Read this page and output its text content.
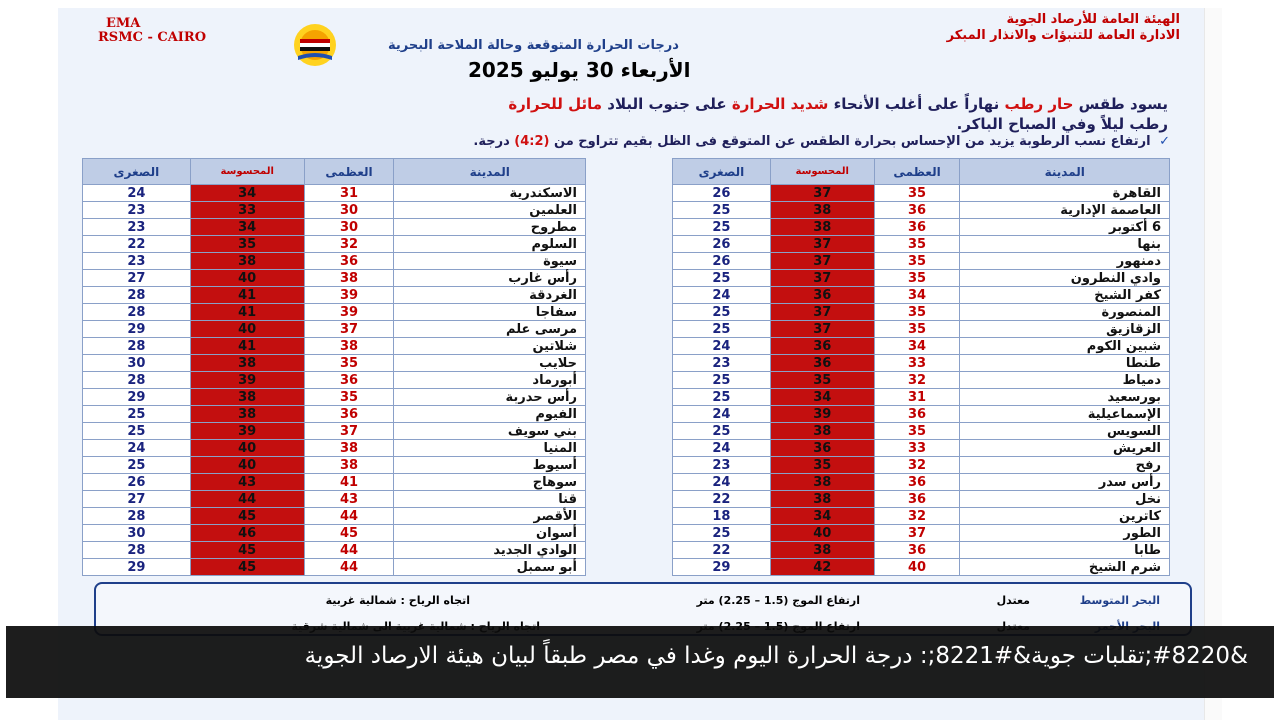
EMA
RSMC - CAIRO
الهيئة العامة للأرصاد الجوية
الادارة العامة للتنبؤات والانذار المبكر
درجات الحرارة المتوقعة وحالة الملاحة البحرية
الأربعاء 30 يوليو 2025
يسود طقس حار رطب نهاراً على أغلب الأنحاء شديد الحرارة على جنوب البلاد مائل للحرارة
رطب ليلاً وفي الصباح الباكر.
✓ ارتفاع نسب الرطوبة يزيد من الإحساس بحرارة الطقس عن المتوقع فى الظل بقيم تتراوح من (4:2) درجة.
المدينة	العظمى	المحسوسة	الصغرى
القاهرة	35	37	26
العاصمة الإدارية	36	38	25
6 أكتوبر	36	38	25
بنها	35	37	26
دمنهور	35	37	26
وادي النطرون	35	37	25
كفر الشيخ	34	36	24
المنصورة	35	37	25
الزقازيق	35	37	25
شبين الكوم	34	36	24
طنطا	33	36	23
دمياط	32	35	25
بورسعيد	31	34	25
الإسماعيلية	36	39	24
السويس	35	38	25
العريش	33	36	24
رفح	32	35	23
رأس سدر	36	38	24
نخل	36	38	22
كاترين	32	34	18
الطور	37	40	25
طابا	36	38	22
شرم الشيخ	40	42	29
المدينة	العظمى	المحسوسة	الصغرى
الاسكندرية	31	34	24
العلمين	30	33	23
مطروح	30	34	23
السلوم	32	35	22
سيوة	36	38	23
رأس غارب	38	40	27
الغردقة	39	41	28
سفاجا	39	41	28
مرسى علم	37	40	29
شلاتين	38	41	28
حلايب	35	38	30
أبورماد	36	39	28
رأس حدربة	35	38	29
الفيوم	36	38	25
بني سويف	37	39	25
المنيا	38	40	24
أسيوط	38	40	25
سوهاج	41	43	26
قنا	43	44	27
الأقصر	44	45	28
أسوان	45	46	30
الوادي الجديد	44	45	28
أبو سمبل	44	45	29
البحر المتوسط
معتدل
ارتفاع الموج (1.5 – 2.25) متر
اتجاه الرياح : شمالية غربية
&#8220;تقلبات جوية&#8221;: درجة الحرارة اليوم وغدا في مصر طبقاً لبيان هيئة الارصاد الجوية
